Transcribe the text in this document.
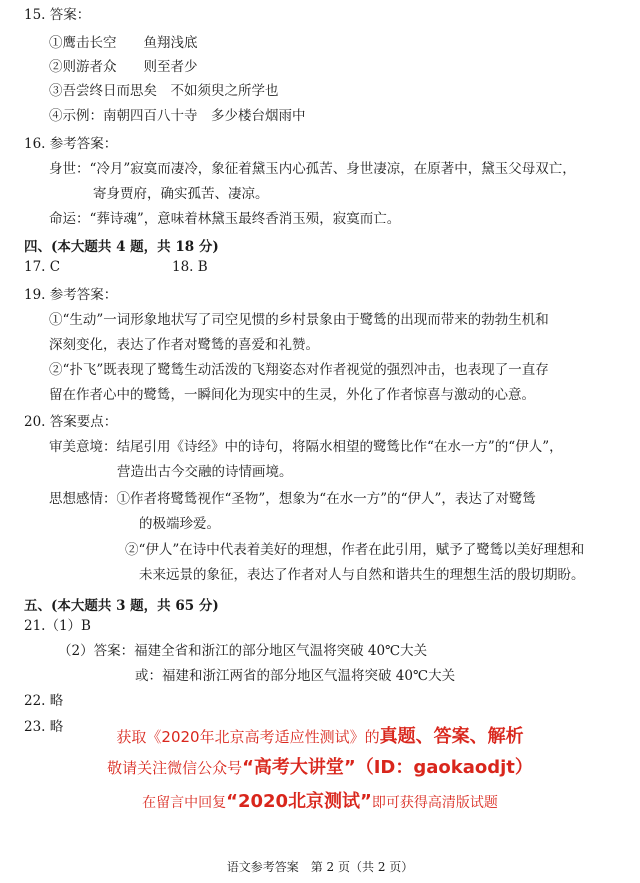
15. 答案：
①鹰击长空　　鱼翔浅底
②则游者众　　则至者少
③吾尝终日而思矣　不如须臾之所学也
④示例：南朝四百八十寺　多少楼台烟雨中
16. 参考答案：
身世：“冷月”寂寞而凄冷，象征着黛玉内心孤苦、身世凄凉，在原著中，黛玉父母双亡，
寄身贾府，确实孤苦、凄凉。
命运：“葬诗魂”，意味着林黛玉最终香消玉殒，寂寞而亡。
四、(本大题共 4 题，共 18 分)
17. C	18. B
19. 参考答案：
①“生动”一词形象地状写了司空见惯的乡村景象由于鹭鸶的出现而带来的勃勃生机和
深刻变化，表达了作者对鹭鸶的喜爱和礼赞。
②“扑飞”既表现了鹭鸶生动活泼的飞翔姿态对作者视觉的强烈冲击，也表现了一直存
留在作者心中的鹭鸶，一瞬间化为现实中的生灵，外化了作者惊喜与激动的心意。
20. 答案要点：
审美意境：结尾引用《诗经》中的诗句，将隔水相望的鹭鸶比作“在水一方”的“伊人”，
营造出古今交融的诗情画境。
思想感情：①作者将鹭鸶视作“圣物”，想象为“在水一方”的“伊人”，表达了对鹭鸶
的极端珍爱。
②“伊人”在诗中代表着美好的理想，作者在此引用，赋予了鹭鸶以美好理想和
未来远景的象征，表达了作者对人与自然和谐共生的理想生活的殷切期盼。
五、(本大题共 3 题，共 65 分)
21.（1）B
（2）答案：福建全省和浙江的部分地区气温将突破 40℃大关
或：福建和浙江两省的部分地区气温将突破 40℃大关
22. 略
23. 略
获取《2020年北京高考适应性测试》的真题、答案、解析
敬请关注微信公众号“高考大讲堂”（ID：gaokaodjt）
在留言中回复“2020北京测试”即可获得高清版试题
语文参考答案　第 2 页（共 2 页）
